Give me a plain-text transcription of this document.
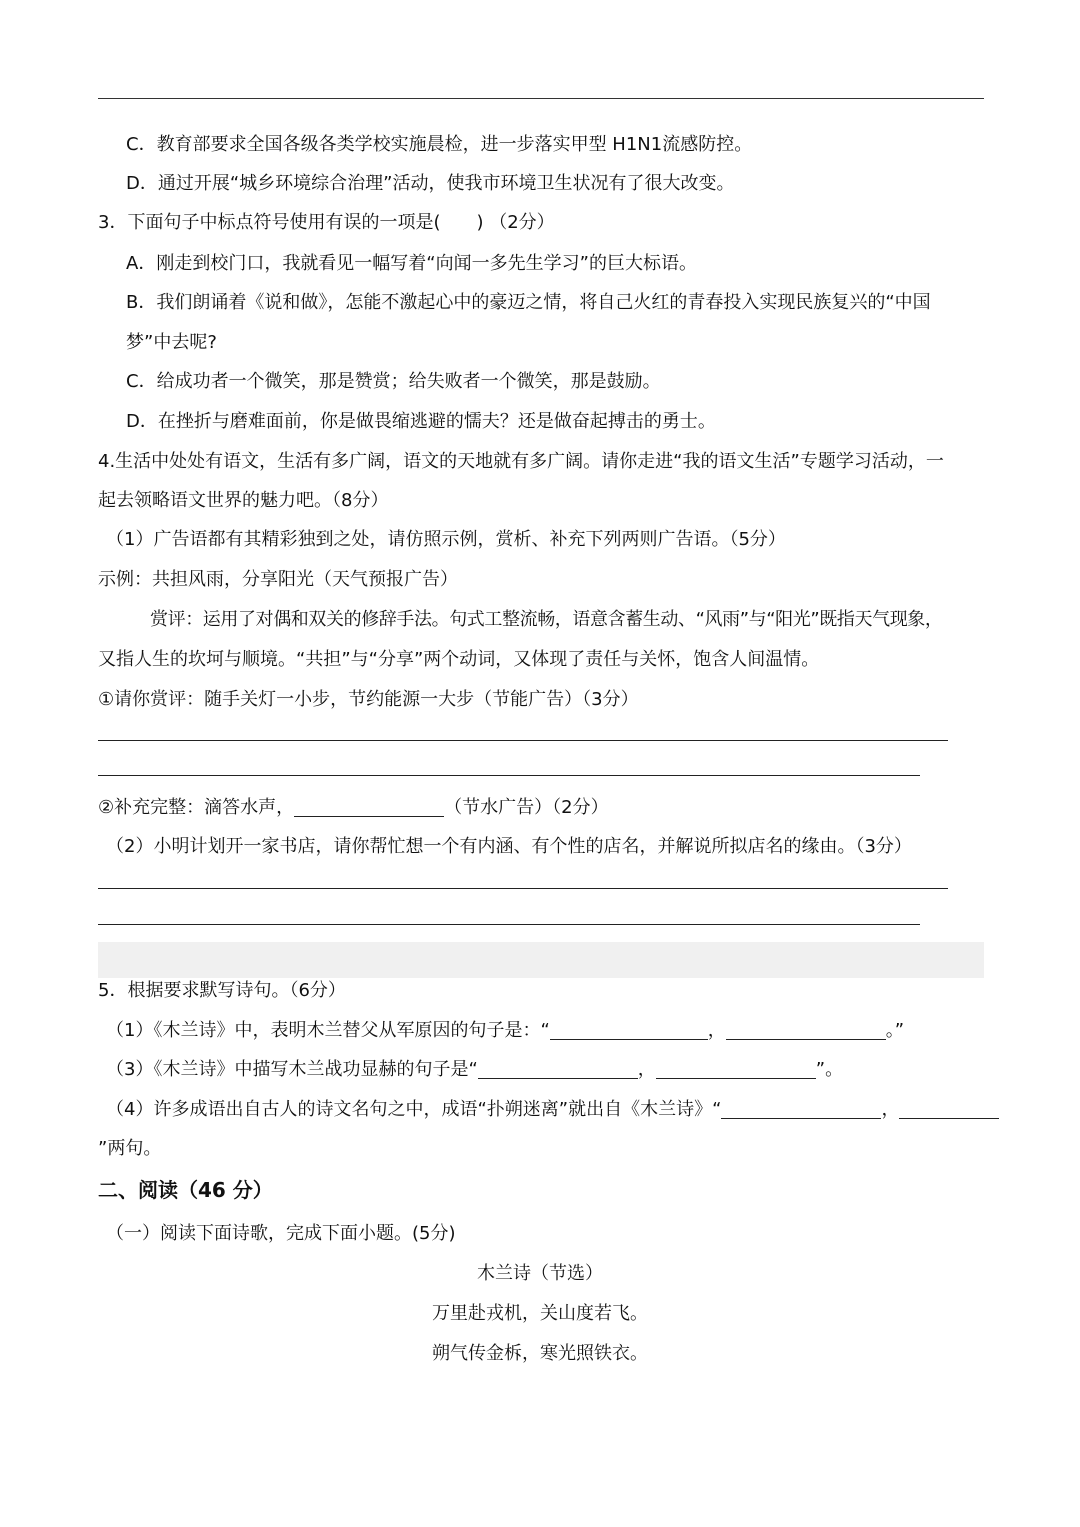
C．教育部要求全国各级各类学校实施晨检，进一步落实甲型 H1N1流感防控。
D．通过开展“城乡环境综合治理”活动，使我市环境卫生状况有了很大改变。
3．下面句子中标点符号使用有误的一项是(　　) （2分）
A．刚走到校门口，我就看见一幅写着“向闻一多先生学习”的巨大标语。
B．我们朗诵着《说和做》，怎能不激起心中的豪迈之情，将自己火红的青春投入实现民族复兴的“中国
梦”中去呢?
C．给成功者一个微笑，那是赞赏；给失败者一个微笑，那是鼓励。
D．在挫折与磨难面前，你是做畏缩逃避的懦夫？还是做奋起搏击的勇士。
4.生活中处处有语文，生活有多广阔，语文的天地就有多广阔。请你走进“我的语文生活”专题学习活动，一
起去领略语文世界的魅力吧。（8分）
（1）广告语都有其精彩独到之处，请仿照示例，赏析、补充下列两则广告语。（5分）
示例：共担风雨，分享阳光（天气预报广告）
赏评：运用了对偶和双关的修辞手法。句式工整流畅，语意含蓄生动、“风雨”与“阳光”既指天气现象，
又指人生的坎坷与顺境。“共担”与“分享”两个动词，又体现了责任与关怀，饱含人间温情。
①请你赏评：随手关灯一小步，节约能源一大步（节能广告）（3分）
②补充完整：滴答水声，	（节水广告）（2分）
（2）小明计划开一家书店，请你帮忙想一个有内涵、有个性的店名，并解说所拟店名的缘由。（3分）
5．根据要求默写诗句。（6分）
（1）《木兰诗》中，表明木兰替父从军原因的句子是：“	，	。”
（3）《木兰诗》中描写木兰战功显赫的句子是“	，	”。
（4）许多成语出自古人的诗文名句之中，成语“扑朔迷离”就出自《木兰诗》“	，
”两句。
二、阅读（46 分）
（一）阅读下面诗歌，完成下面小题。(5分)
木兰诗（节选）
万里赴戎机，关山度若飞。
朔气传金柝，寒光照铁衣。
